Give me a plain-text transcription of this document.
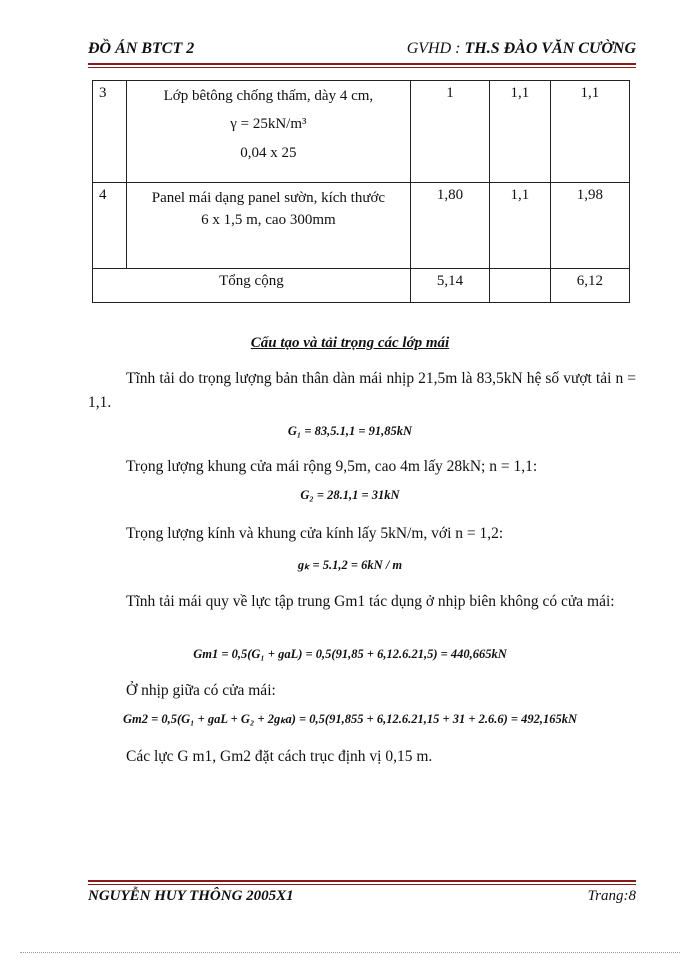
ĐỒ ÁN BTCT 2	GVHD : TH.S ĐÀO VĂN CƯỜNG
3	Lớp bêtông chống thấm, dày 4 cm,
γ = 25kN/m³
0,04 x 25	1	1,1	1,1
4	Panel mái dạng panel sườn, kích thước
6 x 1,5 m, cao 300mm	1,80	1,1	1,98
Tổng cộng		5,14		6,12
Cấu tạo và tải trọng các lớp mái
Tĩnh tải do trọng lượng bản thân dàn mái nhịp 21,5m là 83,5kN hệ số vượt tải n = 1,1.
G₁ = 83,5.1,1 = 91,85kN
Trọng lượng khung cửa mái rộng 9,5m, cao 4m lấy 28kN; n = 1,1:
G₂ = 28.1,1 = 31kN
Trọng lượng kính và khung cửa kính lấy 5kN/m, với n = 1,2:
gₖ = 5.1,2 = 6kN / m
Tĩnh tải mái quy về lực tập trung Gm1 tác dụng ở nhịp biên không có cửa mái:
Gm1 = 0,5(G₁ + gaL) = 0,5(91,85 + 6,12.6.21,5) = 440,665kN
Ở nhịp giữa có cửa mái:
Gm2 = 0,5(G₁ + gaL + G₂ + 2gₖa) = 0,5(91,855 + 6,12.6.21,15 + 31 + 2.6.6) = 492,165kN
Các lực G m1, Gm2 đặt cách trục định vị 0,15 m.
NGUYỄN HUY THÔNG 2005X1	Trang:8
